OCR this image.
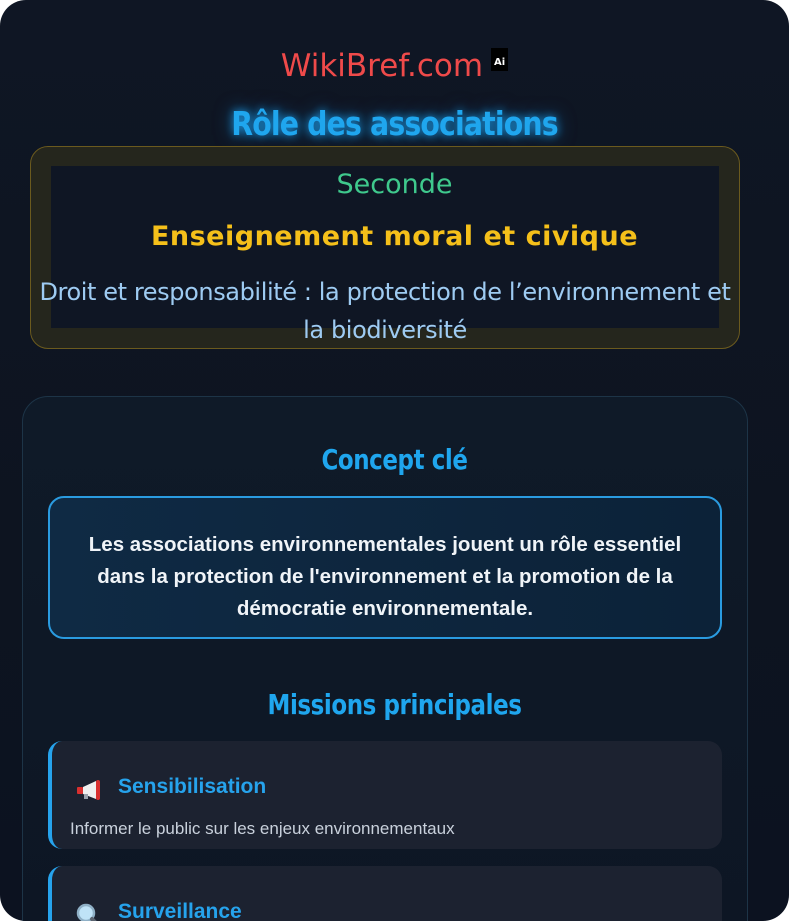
WikiBref.com Ai
Rôle des associations
Seconde
Enseignement moral et civique
Droit et responsabilité : la protection de l’environnement et la biodiversité
Concept clé
Les associations environnementales jouent un rôle essentiel dans la protection de l'environnement et la promotion de la démocratie environnementale.
Missions principales
Sensibilisation
Informer le public sur les enjeux environnementaux
Surveillance
